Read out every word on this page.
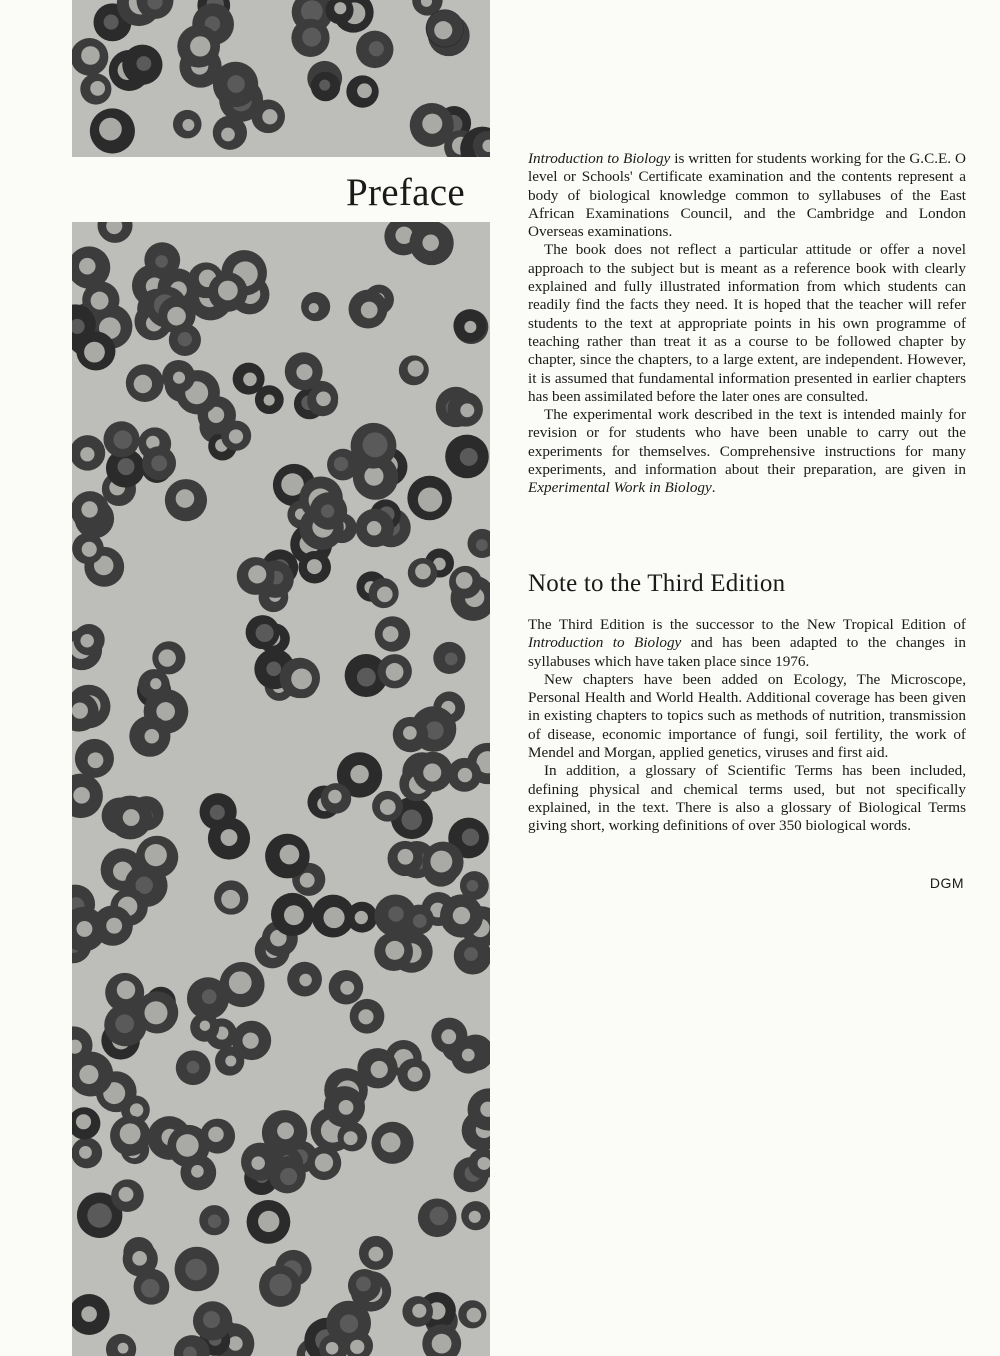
Preface

Introduction to Biology is written for students working for the G.C.E. O level or Schools' Certificate examination and the contents represent a body of biological knowledge common to syllabuses of the East African Examinations Council, and the Cambridge and London Overseas examinations.

The book does not reflect a particular attitude or offer a novel approach to the subject but is meant as a reference book with clearly explained and fully illustrated information from which students can readily find the facts they need. It is hoped that the teacher will refer students to the text at appropriate points in his own programme of teaching rather than treat it as a course to be followed chapter by chapter, since the chapters, to a large extent, are independent. However, it is assumed that fundamental information presented in earlier chapters has been assimilated before the later ones are consulted.

The experimental work described in the text is intended mainly for revision or for students who have been unable to carry out the experiments for themselves. Comprehensive instructions for many experiments, and information about their preparation, are given in Experimental Work in Biology.

Note to the Third Edition

The Third Edition is the successor to the New Tropical Edition of Introduction to Biology and has been adapted to the changes in syllabuses which have taken place since 1976.

New chapters have been added on Ecology, The Microscope, Personal Health and World Health. Additional coverage has been given in existing chapters to topics such as methods of nutrition, transmission of disease, economic importance of fungi, soil fertility, the work of Mendel and Morgan, applied genetics, viruses and first aid.

In addition, a glossary of Scientific Terms has been included, defining physical and chemical terms used, but not specifically explained, in the text. There is also a glossary of Biological Terms giving short, working definitions of over 350 biological words.

DGM
